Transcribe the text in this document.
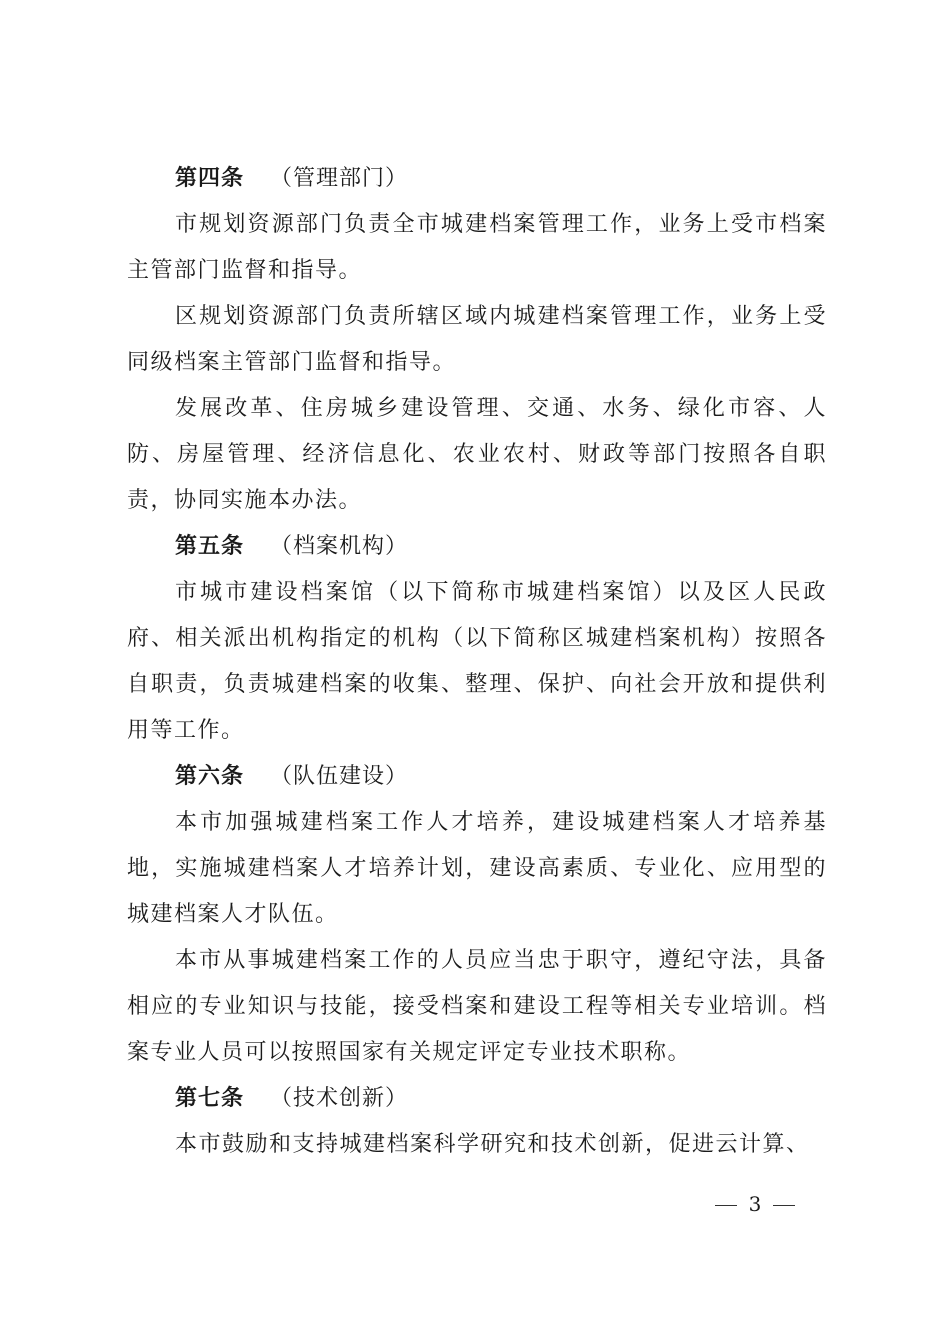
第四条 （管理部门）

市规划资源部门负责全市城建档案管理工作，业务上受市档案主管部门监督和指导。

区规划资源部门负责所辖区域内城建档案管理工作，业务上受同级档案主管部门监督和指导。

发展改革、住房城乡建设管理、交通、水务、绿化市容、人防、房屋管理、经济信息化、农业农村、财政等部门按照各自职责，协同实施本办法。

第五条 （档案机构）

市城市建设档案馆（以下简称市城建档案馆）以及区人民政府、相关派出机构指定的机构（以下简称区城建档案机构）按照各自职责，负责城建档案的收集、整理、保护、向社会开放和提供利用等工作。

第六条 （队伍建设）

本市加强城建档案工作人才培养，建设城建档案人才培养基地，实施城建档案人才培养计划，建设高素质、专业化、应用型的城建档案人才队伍。

本市从事城建档案工作的人员应当忠于职守，遵纪守法，具备相应的专业知识与技能，接受档案和建设工程等相关专业培训。档案专业人员可以按照国家有关规定评定专业技术职称。

第七条 （技术创新）

本市鼓励和支持城建档案科学研究和技术创新，促进云计算、

3
